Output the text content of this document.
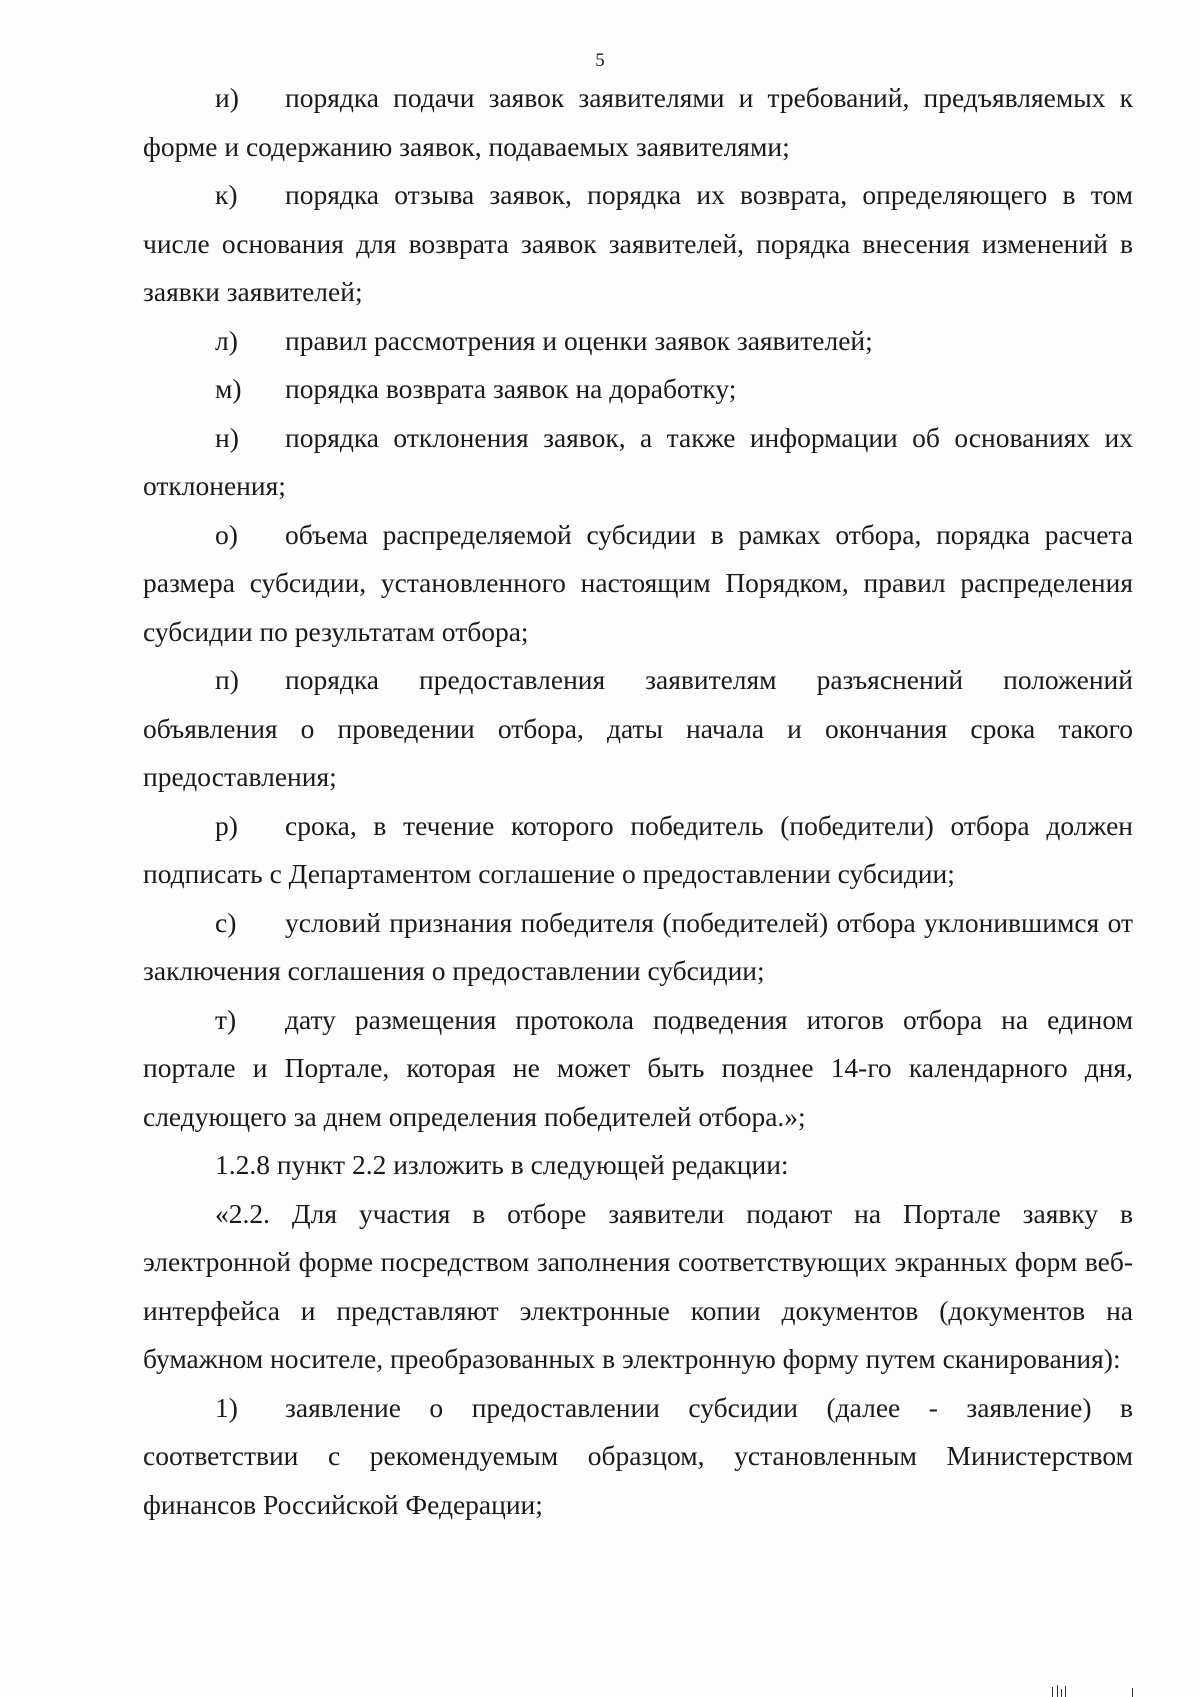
5

и) порядка подачи заявок заявителями и требований, предъявляемых к форме и содержанию заявок, подаваемых заявителями;

к) порядка отзыва заявок, порядка их возврата, определяющего в том числе основания для возврата заявок заявителей, порядка внесения изменений в заявки заявителей;

л) правил рассмотрения и оценки заявок заявителей;

м) порядка возврата заявок на доработку;

н) порядка отклонения заявок, а также информации об основаниях их отклонения;

о) объема распределяемой субсидии в рамках отбора, порядка расчета размера субсидии, установленного настоящим Порядком, правил распределения субсидии по результатам отбора;

п) порядка предоставления заявителям разъяснений положений объявления о проведении отбора, даты начала и окончания срока такого предоставления;

р) срока, в течение которого победитель (победители) отбора должен подписать с Департаментом соглашение о предоставлении субсидии;

с) условий признания победителя (победителей) отбора уклонившимся от заключения соглашения о предоставлении субсидии;

т) дату размещения протокола подведения итогов отбора на едином портале и Портале, которая не может быть позднее 14-го календарного дня, следующего за днем определения победителей отбора.»;

1.2.8 пункт 2.2 изложить в следующей редакции:

«2.2. Для участия в отборе заявители подают на Портале заявку в электронной форме посредством заполнения соответствующих экранных форм веб-интерфейса и представляют электронные копии документов (документов на бумажном носителе, преобразованных в электронную форму путем сканирования):

1) заявление о предоставлении субсидии (далее - заявление) в соответствии с рекомендуемым образцом, установленным Министерством финансов Российской Федерации;
